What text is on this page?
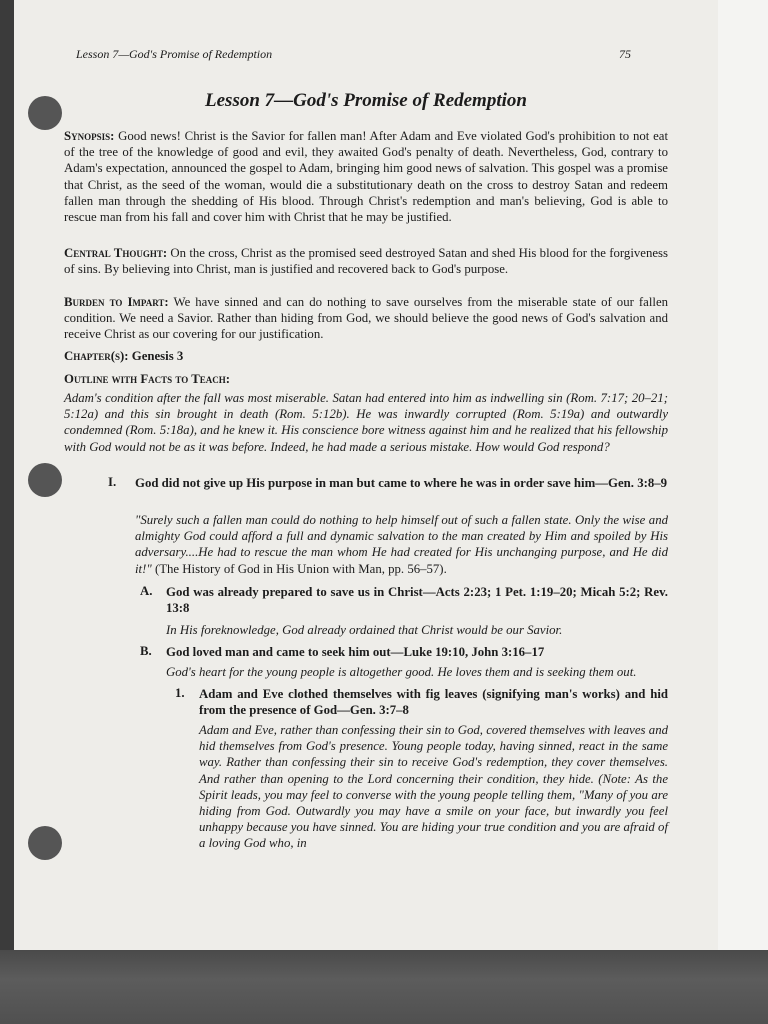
Lesson 7—God's Promise of Redemption	75

Lesson 7—God's Promise of Redemption

Synopsis: Good news! Christ is the Savior for fallen man! After Adam and Eve violated God's prohibition to not eat of the tree of the knowledge of good and evil, they awaited God's penalty of death. Nevertheless, God, contrary to Adam's expectation, announced the gospel to Adam, bringing him good news of salvation. This gospel was a promise that Christ, as the seed of the woman, would die a substitutionary death on the cross to destroy Satan and redeem fallen man through the shedding of His blood. Through Christ's redemption and man's believing, God is able to rescue man from his fall and cover him with Christ that he may be justified.

Central Thought: On the cross, Christ as the promised seed destroyed Satan and shed His blood for the forgiveness of sins. By believing into Christ, man is justified and recovered back to God's purpose.

Burden to Impart: We have sinned and can do nothing to save ourselves from the miserable state of our fallen condition. We need a Savior. Rather than hiding from God, we should believe the good news of God's salvation and receive Christ as our covering for our justification.

Chapter(s): Genesis 3

Outline with Facts to Teach:

Adam's condition after the fall was most miserable. Satan had entered into him as indwelling sin (Rom. 7:17; 20–21; 5:12a) and this sin brought in death (Rom. 5:12b). He was inwardly corrupted (Rom. 5:19a) and outwardly condemned (Rom. 5:18a), and he knew it. His conscience bore witness against him and he realized that his fellowship with God would not be as it was before. Indeed, he had made a serious mistake. How would God respond?

I. God did not give up His purpose in man but came to where he was in order save him—Gen. 3:8–9

"Surely such a fallen man could do nothing to help himself out of such a fallen state. Only the wise and almighty God could afford a full and dynamic salvation to the man created by Him and spoiled by His adversary....He had to rescue the man whom He had created for His unchanging purpose, and He did it!" (The History of God in His Union with Man, pp. 56–57).

A. God was already prepared to save us in Christ—Acts 2:23; 1 Pet. 1:19–20; Micah 5:2; Rev. 13:8

In His foreknowledge, God already ordained that Christ would be our Savior.

B. God loved man and came to seek him out—Luke 19:10, John 3:16–17

God's heart for the young people is altogether good. He loves them and is seeking them out.

1. Adam and Eve clothed themselves with fig leaves (signifying man's works) and hid from the presence of God—Gen. 3:7–8

Adam and Eve, rather than confessing their sin to God, covered themselves with leaves and hid themselves from God's presence. Young people today, having sinned, react in the same way. Rather than confessing their sin to receive God's redemption, they cover themselves. And rather than opening to the Lord concerning their condition, they hide. (Note: As the Spirit leads, you may feel to converse with the young people telling them, "Many of you are hiding from God. Outwardly you may have a smile on your face, but inwardly you feel unhappy because you have sinned. You are hiding your true condition and you are afraid of a loving God who, in
